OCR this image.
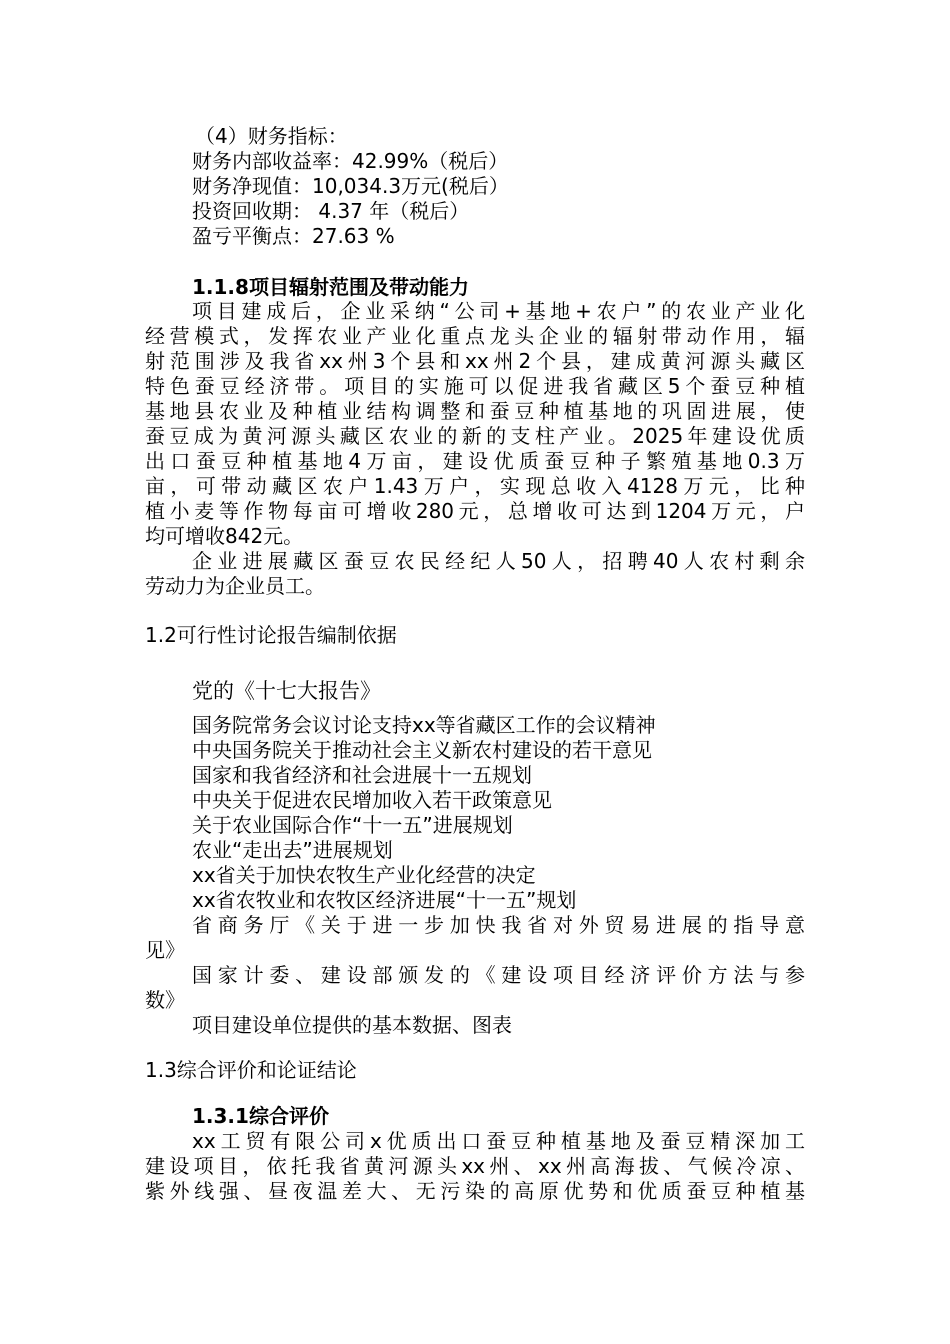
（4）财务指标：
财务内部收益率：42.99%（税后）
财务净现值：10,034.3万元(税后）
投资回收期： 4.37 年（税后）
盈亏平衡点：27.63 %
1.1.8项目辐射范围及带动能力
项目建成后，企业采纳“公司+基地+农户”的农业产业化
经营模式，发挥农业产业化重点龙头企业的辐射带动作用，辐
射范围涉及我省xx州3个县和xx州2个县，建成黄河源头藏区
特色蚕豆经济带。项目的实施可以促进我省藏区5个蚕豆种植
基地县农业及种植业结构调整和蚕豆种植基地的巩固进展，使
蚕豆成为黄河源头藏区农业的新的支柱产业。2025年建设优质
出口蚕豆种植基地4万亩，建设优质蚕豆种子繁殖基地0.3万
亩，可带动藏区农户1.43万户，实现总收入4128万元，比种
植小麦等作物每亩可增收280元，总增收可达到1204万元，户
均可增收842元。
企业进展藏区蚕豆农民经纪人50人，招聘40人农村剩余
劳动力为企业员工。
1.2可行性讨论报告编制依据
党的《十七大报告》
国务院常务会议讨论支持xx等省藏区工作的会议精神
中央国务院关于推动社会主义新农村建设的若干意见
国家和我省经济和社会进展十一五规划
中央关于促进农民增加收入若干政策意见
关于农业国际合作“十一五”进展规划
农业“走出去”进展规划
xx省关于加快农牧生产业化经营的决定
xx省农牧业和农牧区经济进展“十一五”规划
省商务厅《关于进一步加快我省对外贸易进展的指导意
见》
国家计委、建设部颁发的《建设项目经济评价方法与参
数》
项目建设单位提供的基本数据、图表
1.3综合评价和论证结论
1.3.1综合评价
xx工贸有限公司x优质出口蚕豆种植基地及蚕豆精深加工
建设项目，依托我省黄河源头xx州、xx州高海拔、气候冷凉、
紫外线强、昼夜温差大、无污染的高原优势和优质蚕豆种植基
